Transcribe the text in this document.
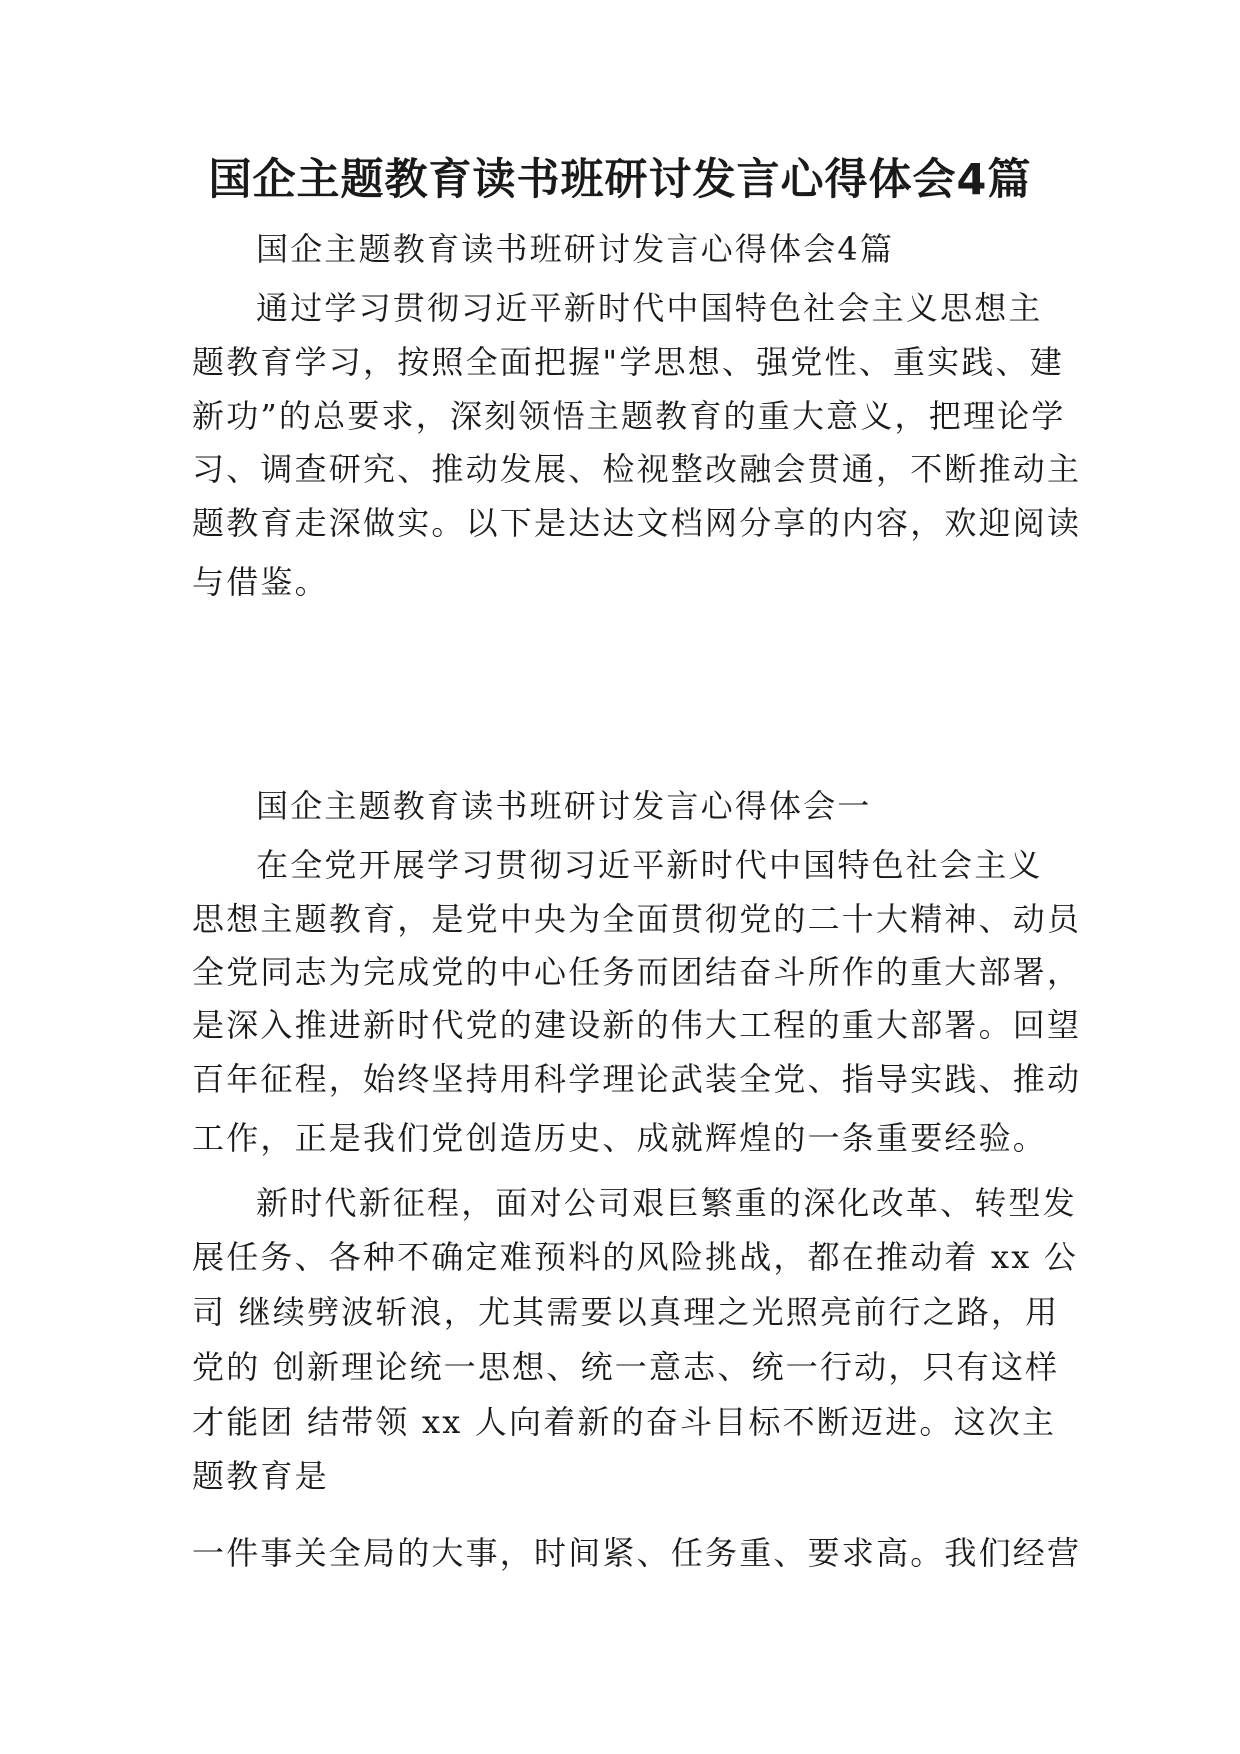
国企主题教育读书班研讨发言心得体会4篇
国企主题教育读书班研讨发言心得体会4篇
通过学习贯彻习近平新时代中国特色社会主义思想主
题教育学习，按照全面把握"学思想、强党性、重实践、建
新功”的总要求，深刻领悟主题教育的重大意义，把理论学
习、调查研究、推动发展、检视整改融会贯通，不断推动主
题教育走深做实。以下是达达文档网分享的内容，欢迎阅读
与借鉴。
国企主题教育读书班研讨发言心得体会一
在全党开展学习贯彻习近平新时代中国特色社会主义
思想主题教育，是党中央为全面贯彻党的二十大精神、动员
全党同志为完成党的中心任务而团结奋斗所作的重大部署，
是深入推进新时代党的建设新的伟大工程的重大部署。回望
百年征程，始终坚持用科学理论武装全党、指导实践、推动
工作，正是我们党创造历史、成就辉煌的一条重要经验。
新时代新征程，面对公司艰巨繁重的深化改革、转型发
展任务、各种不确定难预料的风险挑战，都在推动着 xx 公
司 继续劈波斩浪，尤其需要以真理之光照亮前行之路，用
党的 创新理论统一思想、统一意志、统一行动，只有这样
才能团 结带领 xx 人向着新的奋斗目标不断迈进。这次主
题教育是
一件事关全局的大事，时间紧、任务重、要求高。我们经营
